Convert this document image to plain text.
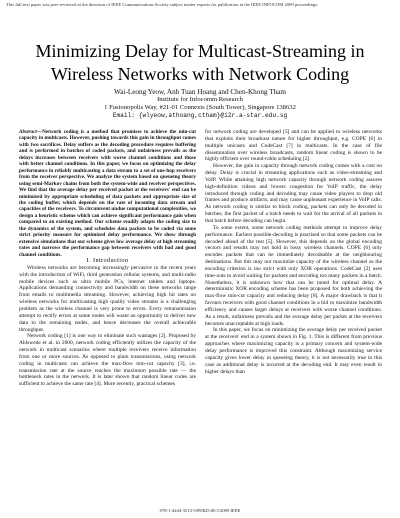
This full text paper was peer reviewed at the direction of IEEE Communications Society subject matter experts for publication in the IEEE INFOCOM 2009 proceedings.
Minimizing Delay for Multicast-Streaming in Wireless Networks with Network Coding
Wai-Leong Yeow, Anh Tuan Hoang and Chen-Khong Tham
Institute for Infocomm Research
1 Fusionopolis Way, #21-01 Connexis (South Tower), Singapore 138632
Email: {wlyeow,athoang,ctham}@i2r.a-star.edu.sg

Abstract—Network coding is a method that promises to achieve the min-cut capacity in multicasts. However, pushing towards this gain in throughput comes with two sacrifices. Delay suffers as the decoding procedure requires buffering and is performed in batches of coded packets, and unfairness prevails as the delays increases between receivers with worse channel conditions and those with better channel conditions. In this paper, we focus on optimizing the delay performance in reliably multicasting a data stream to a set of one-hop receivers from the receiver perspective. We analyze the system based on queueing theory using semi-Markov chains from both the system-wide and receiver perspectives. We find that the average delay per received packet at the receivers' end can be minimized by appropriate scheduling of data packets and appropriate size of the coding buffer, which depends on the rate of incoming data stream and capacities of the receivers. To circumvent undue computational complexities, we design a heuristic scheme which can achieve significant performance gain when compared to an existing method. Our scheme readily adapts the coding size to the dynamics of the system, and schedules data packets to be coded via some strict priority measure for optimized delay performance. We show through extensive simulations that our scheme gives low average delay at high streaming rates and narrows the performance gap between receivers with bad and good channel conditions.

I. Introduction

Wireless networks are becoming increasingly pervasive in the recent years with the introduction of WiFi, third generation cellular systems, and multi-radio mobile devices such as ultra mobile PCs, internet tablets and laptops. Applications demanding connectivity and bandwidth on these networks range from emails to multimedia streaming. However, achieving high bit rates on wireless networks for multicasting high quality video streams is a challenging problem as the wireless channel is very prone to errors. Every retransmission attempt to rectify errors at some nodes will waste an opportunity to deliver new data to the remaining nodes, and hence decreases the overall achievable throughput.

Network coding [1] is one way to eliminate such wastages [2]. Proposed by Ahlswede et al. in 2000, network coding efficiently utilizes the capacity of the network in multicast scenarios where multiple receivers receive information from one or more sources. As opposed to plain transmissions, using network coding in multicasts can achieve the max-flow min-cut capacity [3], i.e. transmission rate at the source reaches the maximum possible rate — the bottleneck rates in the network. It is later shown that random linear codes are sufficient to achieve the same rate [4]. More recently, practical schemes

for network coding are developed [5] and can be applied to wireless networks that exploits their broadcast nature for higher throughput, e.g. COPE [6] in multiple unicasts and CodeCast [7] in multicasts. In the case of file dissemination over wireless broadcasts, random linear coding is shown to be highly efficient over round-robin scheduling [2].

However, the gain in capacity through network coding comes with a cost on delay. Delay is crucial in streaming applications such as video-streaming and VoIP. While attaining high network capacity through network coding assures high-definition videos and lowers congestion for VoIP traffic, the delay introduced through coding and decoding may cause video players to drop old frames and produce artifacts, and may cause unpleasant experience in VoIP calls. As network coding is similar to block coding, packets can only be decoded in batches; the first packet of a batch needs to wait for the arrival of all packets in that batch before decoding can begin.

To some extent, some network coding methods attempt to improve delay performance. Earliest possible-decoding is practised so that some packets can be decoded ahead of the rest [5]. However, this depends on the global encoding vectors and results may not hold in lossy wireless channels. COPE [6] only encodes packets that can be immediately decodeable at the neighbouring destinations. But this may not maximize capacity of the wireless channel as the encoding criterion is too strict with only XOR operations. CodeCast [2] uses time-outs to avoid waiting for packets and encoding too many packets in a batch. Nonetheless, it is unknown how that can be tuned for optimal delay. A deterministic XOR encoding scheme has been proposed for both achieving the max-flow min-cut capacity and reducing delay [8]. A major drawback is that it favours receivers with good channel conditions in a bid to maximize bandwidth efficiency and causes larger delays at receivers with worse channel conditions. As a result, unfairness prevails and the average delay per packet at the receivers becomes unacceptable at high loads.

In this paper, we focus on minimizing the average delay per received packet at the receivers' end in a system shown in Fig. 1. This is different from previous approaches where maximizing capacity is a primary concern and system-wide delay performance is improved this constraint. Although maximizing service capacity gives lower delay in queueing theory, it is not necessarily true in this case as additional delay is incurred at the decoding end. It may even result in higher delays than

978-1-4244-3513-5/09/$25.00 ©2009 IEEE
